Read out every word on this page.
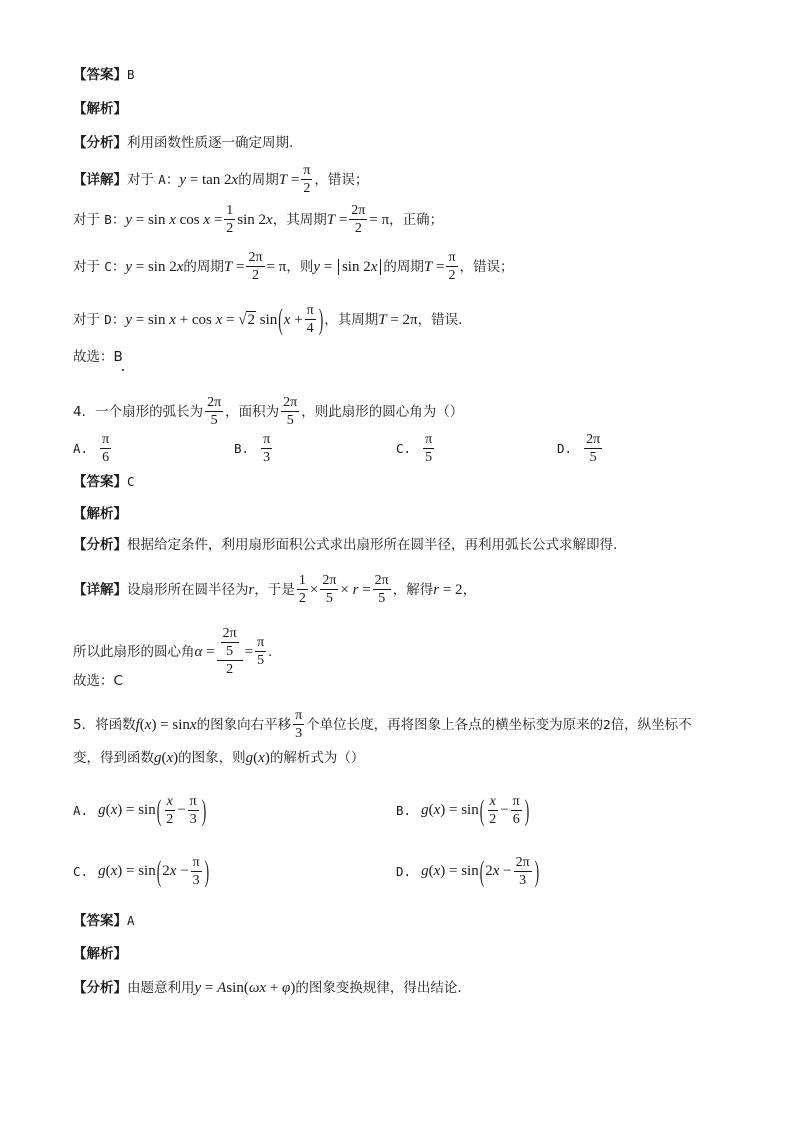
【答案】 B
【 解析 】
【分析】 利用函数性质逐一确定周期.
【详解】 对于
A ： y = tan 2x 的周期 $T = \frac{\pi}{2}$ ，错误；
对于
B ： y = sin x $\cos x = \frac{1}{2}$ sin 2x ，其周期 $T = \frac{2\pi}{2} = \pi$ ，正确；
对于
C ： y = sin 2x 的周期 $T = \frac{2\pi}{2} = \pi$ ，则 y = sin 2x 的周期 $T = \frac{\pi}{2}$ ，错误；
对于
D ： y = sin x + cos x = √ 2 sin ( $x + \frac{\pi}{4}$ ) ，其周期 T = 2π ，错误.
故选：B
4．一个扇形的弧长为 $\frac{2\pi}{5}$ ，面积为 $\frac{2\pi}{5}$ ，则此扇形的圆心角为（）
A. $\frac{\pi}{6}$	B. $\frac{\pi}{3}$	C. $\frac{\pi}{5}$	D. $\frac{2\pi}{5}$
【答案】 C
【 解析 】
【分析】 根据给定条件，利用扇形面积公式求出扇形所在圆半径，再利用弧长公式求解即得.
【详解】 设扇形所在圆半径为 r ，于是 $\frac{1}{2} \times \frac{2\pi}{5} \times r = \frac{2\pi}{5}$ ，解得 r = 2 ，
所以此扇形的圆心角 $\alpha = \frac{\frac{2\pi}{5}}{2} = \frac{\pi}{5}$ .
故选：C
5．将函数 f(x) = sinx 的图象向右平移 $\frac{\pi}{3}$ 个单位长度，再将图象上各点的横坐标变为原来的 2 倍，纵坐标不
变，得到函数 g(x) 的图象，则 g(x) 的解析式为（）
A. g(x) = sin ( $\frac{x}{2} - \frac{\pi}{3}$ )	B. g(x) = sin ( $\frac{x}{2} - \frac{\pi}{6}$ )
C. g(x) = sin ( $2x - \frac{\pi}{3}$ )	D. g(x) = sin ( $2x - \frac{2\pi}{3}$ )
【答案】 A
【 解析 】
【分析】 由题意利用 y = Asin(ωx + φ) 的图象变换规律，得出结论.
